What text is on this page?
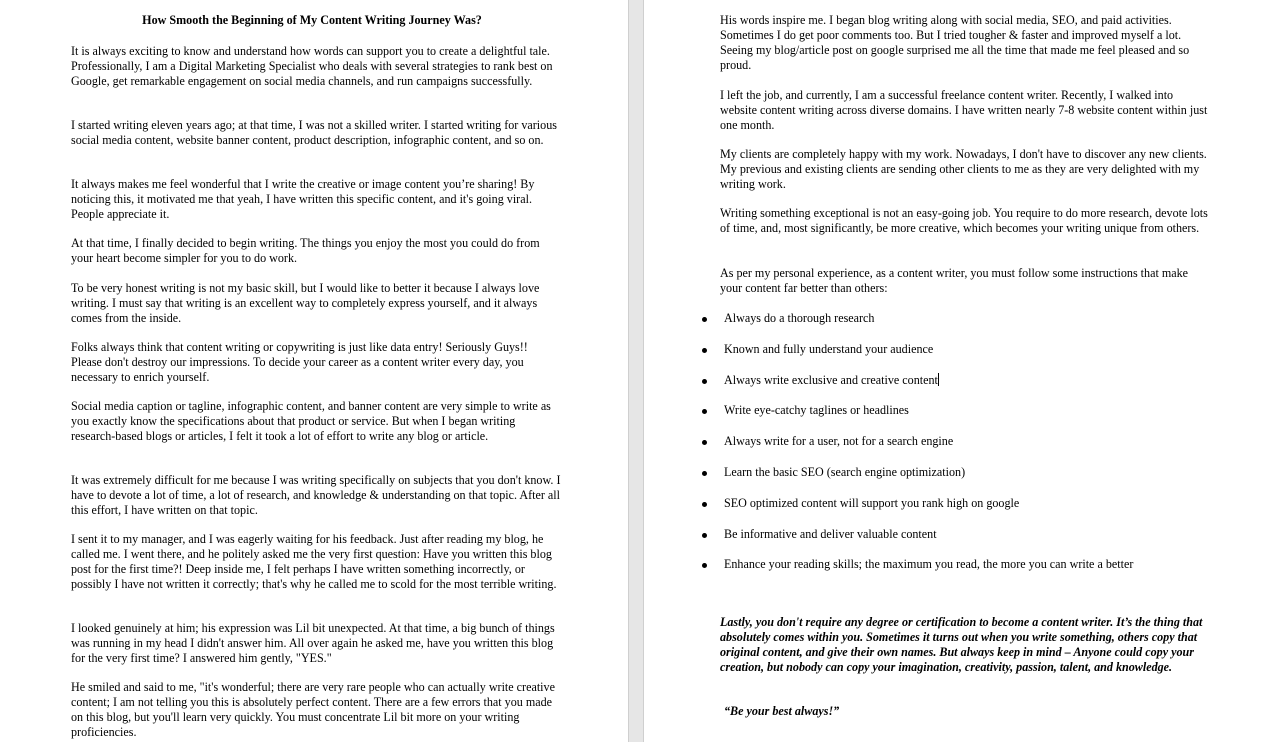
How Smooth the Beginning of My Content Writing Journey Was?

It is always exciting to know and understand how words can support you to create a delightful tale. Professionally, I am a Digital Marketing Specialist who deals with several strategies to rank best on Google, get remarkable engagement on social media channels, and run campaigns successfully.

I started writing eleven years ago; at that time, I was not a skilled writer. I started writing for various social media content, website banner content, product description, infographic content, and so on.

It always makes me feel wonderful that I write the creative or image content you’re sharing! By noticing this, it motivated me that yeah, I have written this specific content, and it's going viral. People appreciate it.

At that time, I finally decided to begin writing. The things you enjoy the most you could do from your heart become simpler for you to do work.

To be very honest writing is not my basic skill, but I would like to better it because I always love writing. I must say that writing is an excellent way to completely express yourself, and it always comes from the inside.

Folks always think that content writing or copywriting is just like data entry! Seriously Guys!! Please don't destroy our impressions. To decide your career as a content writer every day, you necessary to enrich yourself.

Social media caption or tagline, infographic content, and banner content are very simple to write as you exactly know the specifications about that product or service. But when I began writing research-based blogs or articles, I felt it took a lot of effort to write any blog or article.

It was extremely difficult for me because I was writing specifically on subjects that you don't know. I have to devote a lot of time, a lot of research, and knowledge & understanding on that topic. After all this effort, I have written on that topic.

I sent it to my manager, and I was eagerly waiting for his feedback. Just after reading my blog, he called me. I went there, and he politely asked me the very first question: Have you written this blog post for the first time?! Deep inside me, I felt perhaps I have written something incorrectly, or possibly I have not written it correctly; that's why he called me to scold for the most terrible writing.

I looked genuinely at him; his expression was Lil bit unexpected. At that time, a big bunch of things was running in my head I didn't answer him. All over again he asked me, have you written this blog for the very first time? I answered him gently, "YES."

He smiled and said to me, "it's wonderful; there are very rare people who can actually write creative content; I am not telling you this is absolutely perfect content. There are a few errors that you made on this blog, but you'll learn very quickly. You must concentrate Lil bit more on your writing proficiencies.

His words inspire me. I began blog writing along with social media, SEO, and paid activities. Sometimes I do get poor comments too. But I tried tougher & faster and improved myself a lot. Seeing my blog/article post on google surprised me all the time that made me feel pleased and so proud.

I left the job, and currently, I am a successful freelance content writer. Recently, I walked into website content writing across diverse domains. I have written nearly 7-8 website content within just one month.

My clients are completely happy with my work. Nowadays, I don't have to discover any new clients. My previous and existing clients are sending other clients to me as they are very delighted with my writing work.

Writing something exceptional is not an easy-going job. You require to do more research, devote lots of time, and, most significantly, be more creative, which becomes your writing unique from others.

As per my personal experience, as a content writer, you must follow some instructions that make your content far better than others:

Always do a thorough research
Known and fully understand your audience
Always write exclusive and creative content
Write eye-catchy taglines or headlines
Always write for a user, not for a search engine
Learn the basic SEO (search engine optimization)
SEO optimized content will support you rank high on google
Be informative and deliver valuable content
Enhance your reading skills; the maximum you read, the more you can write a better

Lastly, you don't require any degree or certification to become a content writer. It’s the thing that absolutely comes within you. Sometimes it turns out when you write something, others copy that original content, and give their own names. But always keep in mind – Anyone could copy your creation, but nobody can copy your imagination, creativity, passion, talent, and knowledge.

“Be your best always!”
